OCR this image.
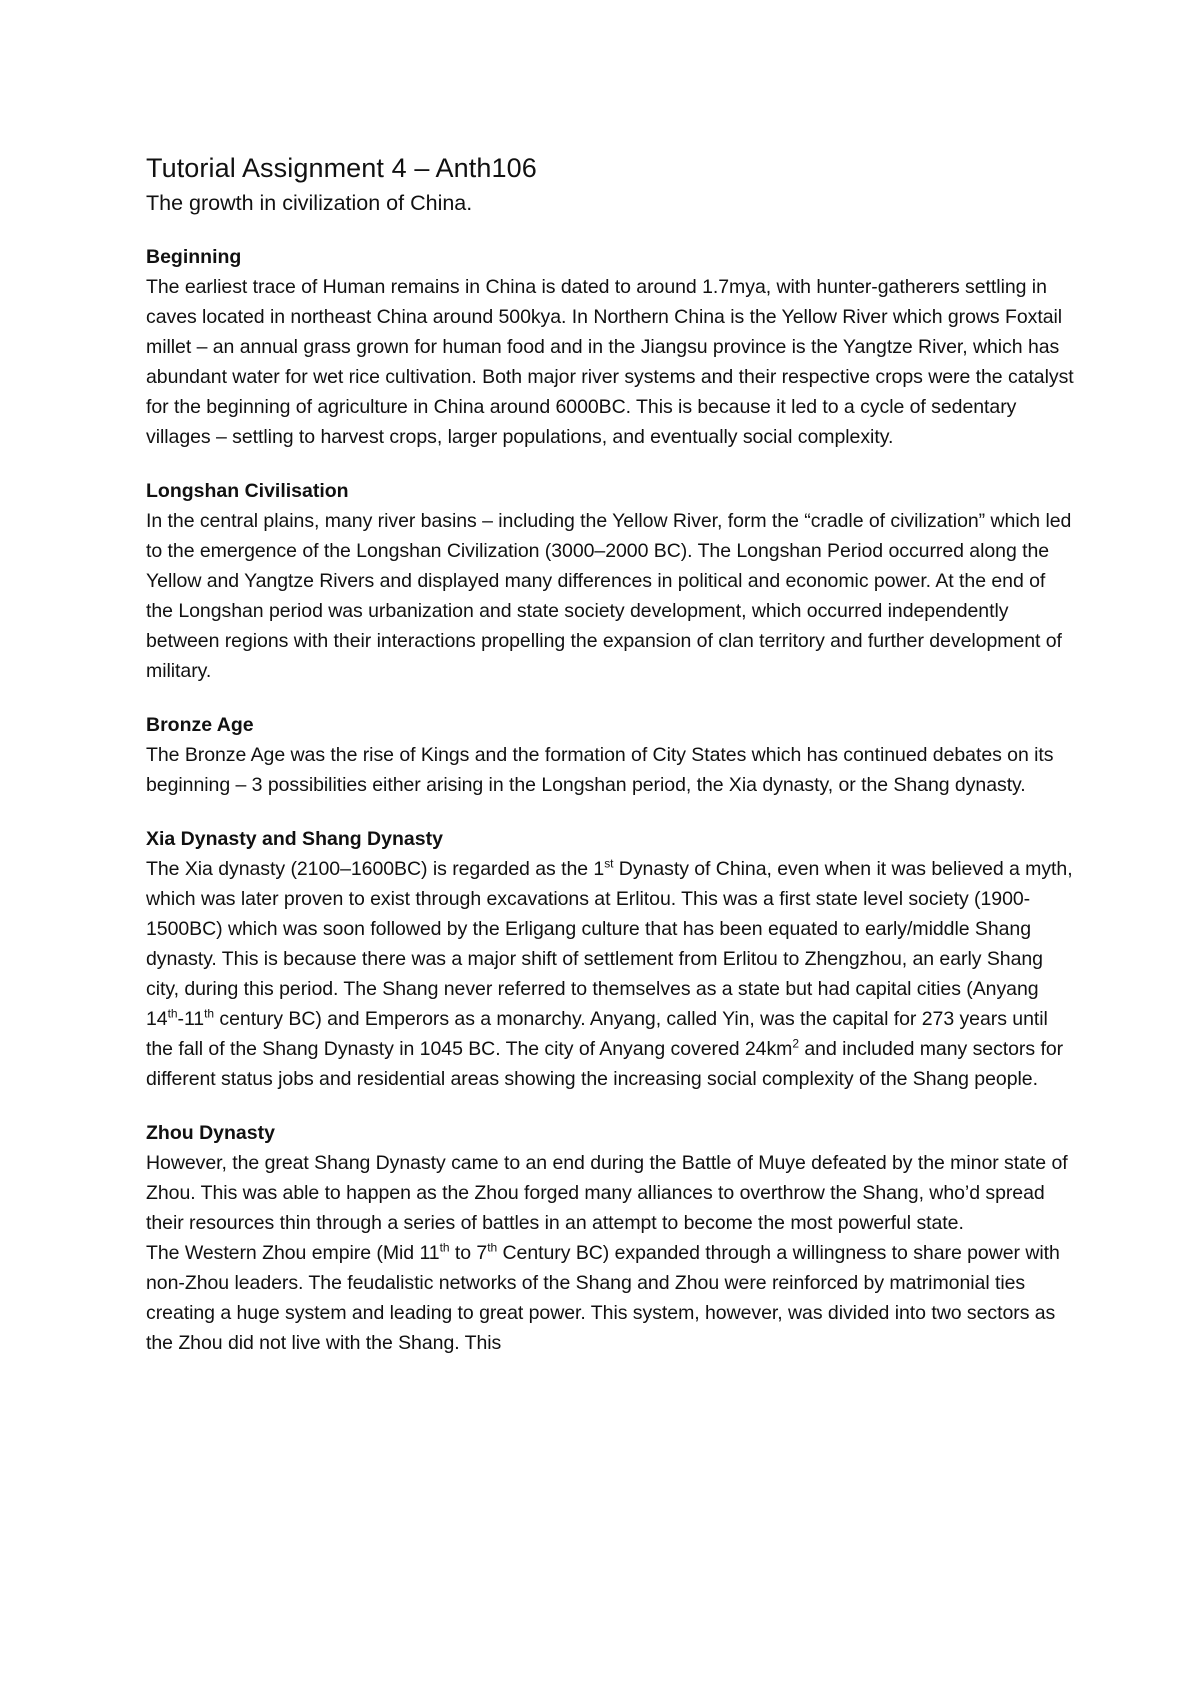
Tutorial Assignment 4 – Anth106
The growth in civilization of China.
Beginning

The earliest trace of Human remains in China is dated to around 1.7mya, with hunter-gatherers settling in caves located in northeast China around 500kya. In Northern China is the Yellow River which grows Foxtail millet – an annual grass grown for human food and in the Jiangsu province is the Yangtze River, which has abundant water for wet rice cultivation. Both major river systems and their respective crops were the catalyst for the beginning of agriculture in China around 6000BC. This is because it led to a cycle of sedentary villages – settling to harvest crops, larger populations, and eventually social complexity.

Longshan Civilisation

In the central plains, many river basins – including the Yellow River, form the “cradle of civilization” which led to the emergence of the Longshan Civilization (3000–2000 BC). The Longshan Period occurred along the Yellow and Yangtze Rivers and displayed many differences in political and economic power. At the end of the Longshan period was urbanization and state society development, which occurred independently between regions with their interactions propelling the expansion of clan territory and further development of military.

Bronze Age

The Bronze Age was the rise of Kings and the formation of City States which has continued debates on its beginning – 3 possibilities either arising in the Longshan period, the Xia dynasty, or the Shang dynasty.

Xia Dynasty and Shang Dynasty

The Xia dynasty (2100–1600BC) is regarded as the 1st Dynasty of China, even when it was believed a myth, which was later proven to exist through excavations at Erlitou. This was a first state level society (1900-1500BC) which was soon followed by the Erligang culture that has been equated to early/middle Shang dynasty. This is because there was a major shift of settlement from Erlitou to Zhengzhou, an early Shang city, during this period. The Shang never referred to themselves as a state but had capital cities (Anyang 14th-11th century BC) and Emperors as a monarchy. Anyang, called Yin, was the capital for 273 years until the fall of the Shang Dynasty in 1045 BC. The city of Anyang covered $24km^2$ and included many sectors for different status jobs and residential areas showing the increasing social complexity of the Shang people.

Zhou Dynasty

However, the great Shang Dynasty came to an end during the Battle of Muye defeated by the minor state of Zhou. This was able to happen as the Zhou forged many alliances to overthrow the Shang, who’d spread their resources thin through a series of battles in an attempt to become the most powerful state.

The Western Zhou empire (Mid 11th to 7th Century BC) expanded through a willingness to share power with non-Zhou leaders. The feudalistic networks of the Shang and Zhou were reinforced by matrimonial ties creating a huge system and leading to great power. This system, however, was divided into two sectors as the Zhou did not live with the Shang. This
